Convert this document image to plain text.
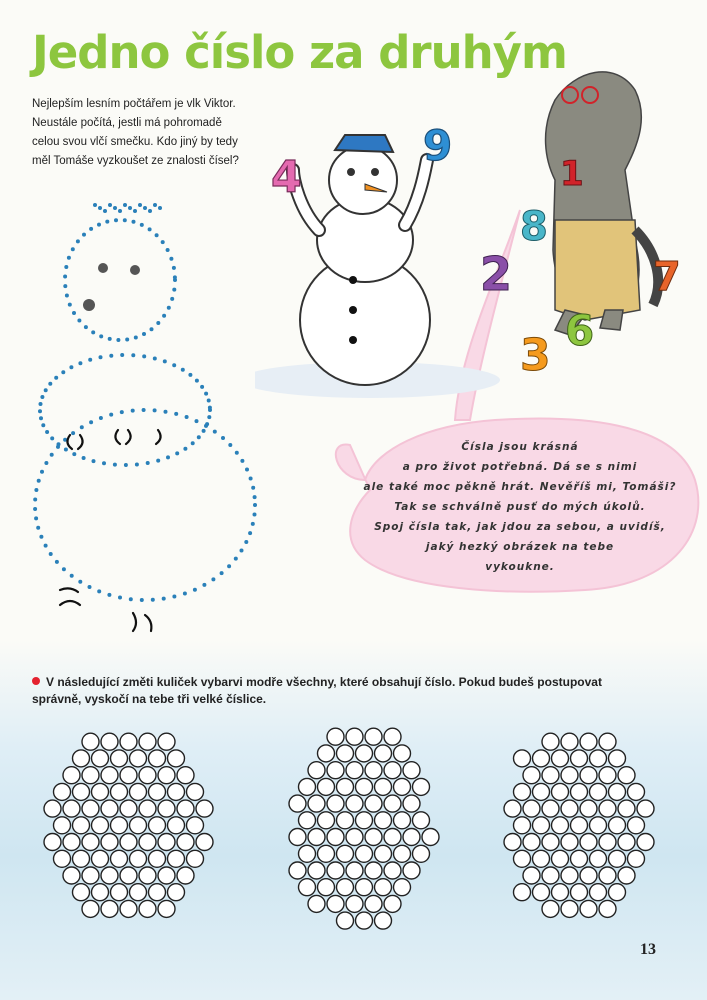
Jedno číslo za druhým

Nejlepším lesním počtářem je vlk Viktor.
Neustále počítá, jestli má pohromadě
celou svou vlčí smečku. Kdo jiný by tedy
měl Tomáše vyzkoušet ze znalosti čísel? 4
9
1
8
2
6
3
7
Čísla jsou krásná
a pro život potřebná. Dá se s nimi
ale také moc pěkně hrát. Nevěříš mi, Tomáši?
Tak se schválně pusť do mých úkolů.
Spoj čísla tak, jak jdou za sebou, a uvidíš,
jaký hezký obrázek na tebe
vykoukne.

V následující změti kuliček vybarvi modře všechny, které obsahují číslo. Pokud budeš postupovat
správně, vyskočí na tebe tři velké číslice.

13
